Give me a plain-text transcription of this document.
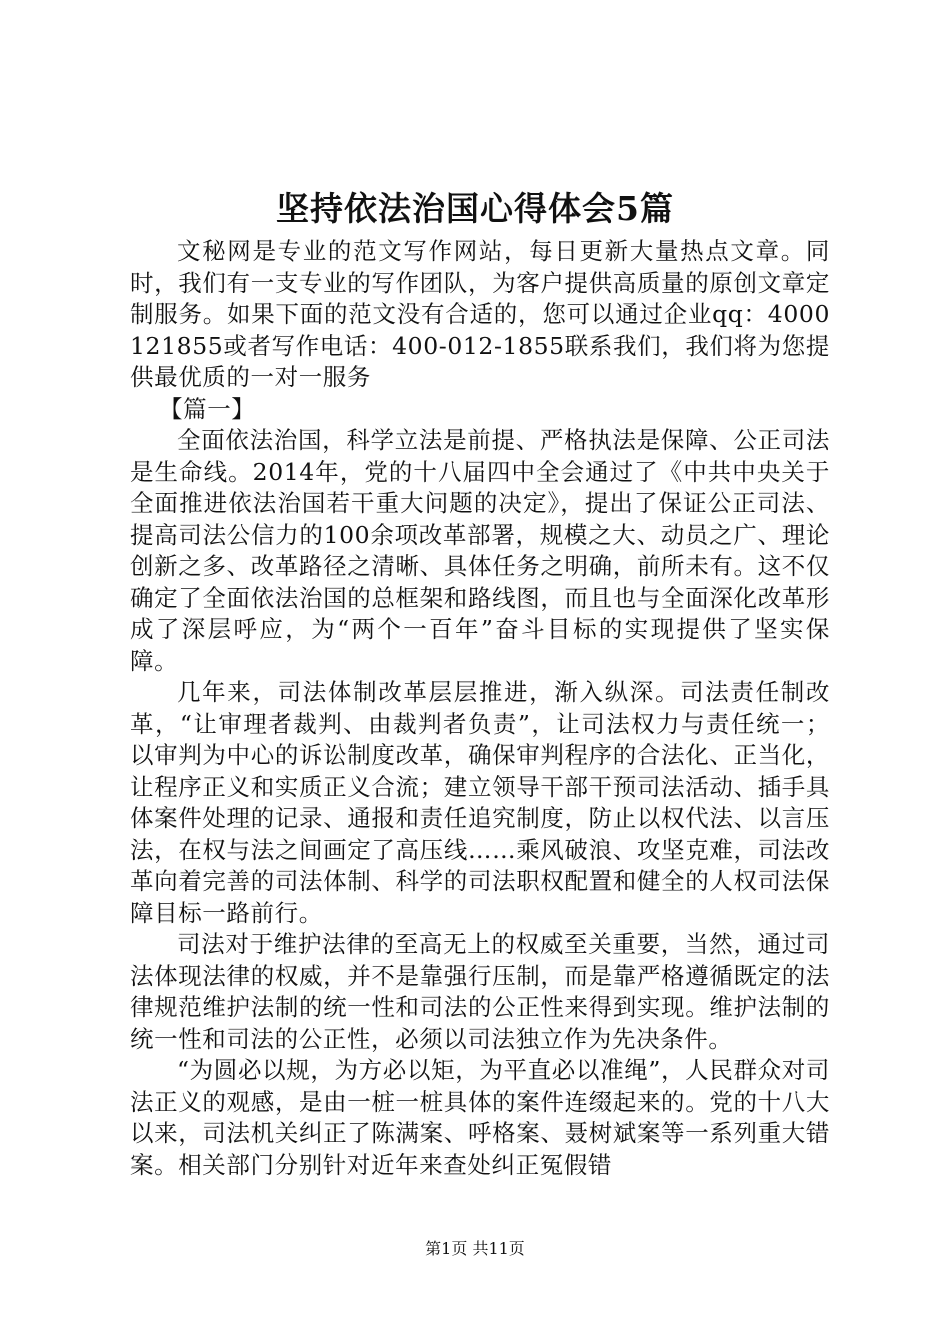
坚持依法治国心得体会5篇

文秘网是专业的范文写作网站，每日更新大量热点文章。同时，我们有一支专业的写作团队，为客户提供高质量的原创文章定制服务。如果下面的范文没有合适的，您可以通过企业qq：4000121855或者写作电话：400-012-1855联系我们，我们将为您提供最优质的一对一服务

【篇一】

全面依法治国，科学立法是前提、严格执法是保障、公正司法是生命线。2014年，党的十八届四中全会通过了《中共中央关于全面推进依法治国若干重大问题的决定》，提出了保证公正司法、提高司法公信力的100余项改革部署，规模之大、动员之广、理论创新之多、改革路径之清晰、具体任务之明确，前所未有。这不仅确定了全面依法治国的总框架和路线图，而且也与全面深化改革形成了深层呼应，为“两个一百年”奋斗目标的实现提供了坚实保障。

几年来，司法体制改革层层推进，渐入纵深。司法责任制改革，“让审理者裁判、由裁判者负责”，让司法权力与责任统一；以审判为中心的诉讼制度改革，确保审判程序的合法化、正当化，让程序正义和实质正义合流；建立领导干部干预司法活动、插手具体案件处理的记录、通报和责任追究制度，防止以权代法、以言压法，在权与法之间画定了高压线……乘风破浪、攻坚克难，司法改革向着完善的司法体制、科学的司法职权配置和健全的人权司法保障目标一路前行。

司法对于维护法律的至高无上的权威至关重要，当然，通过司法体现法律的权威，并不是靠强行压制，而是靠严格遵循既定的法律规范维护法制的统一性和司法的公正性来得到实现。维护法制的统一性和司法的公正性，必须以司法独立作为先决条件。

“为圆必以规，为方必以矩，为平直必以准绳”，人民群众对司法正义的观感，是由一桩一桩具体的案件连缀起来的。党的十八大以来，司法机关纠正了陈满案、呼格案、聂树斌案等一系列重大错案。相关部门分别针对近年来查处纠正冤假错

第1页 共11页
